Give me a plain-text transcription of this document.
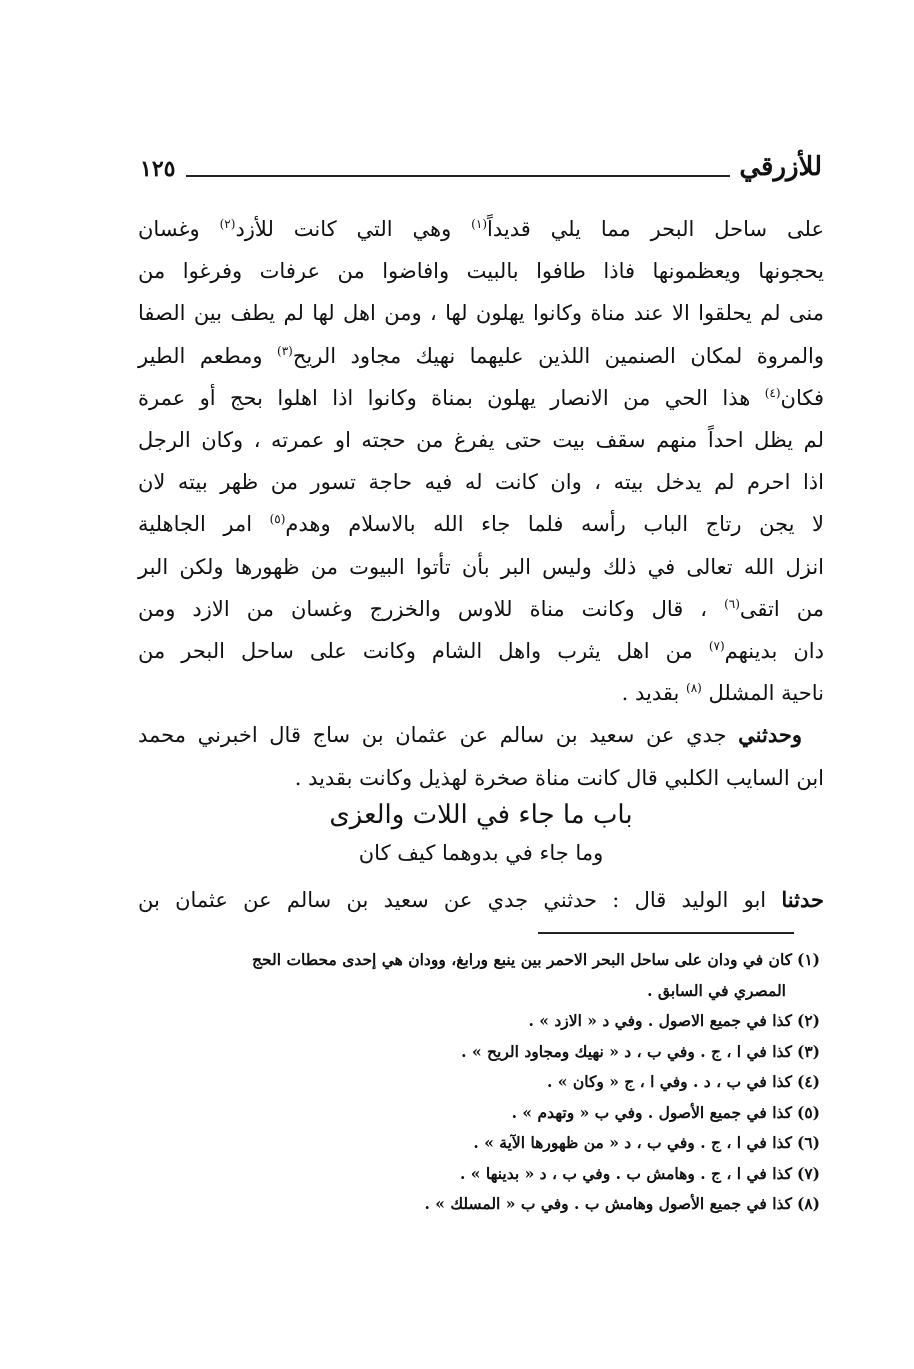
١٢٥	للأزرقي

على ساحل البحر مما يلي قديداً$^{(١)}$ وهي التي كانت للأزد$^{(٢)}$ وغسان

يحجونها ويعظمونها فاذا طافوا بالبيت وافاضوا من عرفات وفرغوا من

منى لم يحلقوا الا عند مناة وكانوا يهلون لها ، ومن اهل لها لم يطف بين الصفا

والمروة لمكان الصنمين اللذين عليهما نهيك مجاود الريح$^{(٣)}$ ومطعم الطير

فكان$^{(٤)}$ هذا الحي من الانصار يهلون بمناة وكانوا اذا اهلوا بحج أو عمرة

لم يظل احداً منهم سقف بيت حتى يفرغ من حجته او عمرته ، وكان الرجل

اذا احرم لم يدخل بيته ، وان كانت له فيه حاجة تسور من ظهر بيته لان

لا يجن رتاج الباب رأسه فلما جاء الله بالاسلام وهدم$^{(٥)}$ امر الجاهلية

انزل الله تعالى في ذلك وليس البر بأن تأتوا البيوت من ظهورها ولكن البر

من اتقى$^{(٦)}$ ، قال وكانت مناة للاوس والخزرج وغسان من الازد ومن

دان بدينهم$^{(٧)}$ من اهل يثرب واهل الشام وكانت على ساحل البحر من

ناحية المشلل $^{(٨)}$ بقديد .

وحدثني جدي عن سعيد بن سالم عن عثمان بن ساج قال اخبرني محمد

ابن السايب الكلبي قال كانت مناة صخرة لهذيل وكانت بقديد .

باب ما جاء في اللات والعزى
وما جاء في بدوهما كيف كان
حدثنا ابو الوليد قال : حدثني جدي عن سعيد بن سالم عن عثمان بن

(١) كان في ودان على ساحل البحر الاحمر بين ينبع ورابغ، وودان هي إحدى محطات الحج

المصري في السابق .

(٢) كذا في جميع الاصول . وفي د « الازد » .

(٣) كذا في ا ، ج . وفي ب ، د « نهيك ومجاود الريح » .

(٤) كذا في ب ، د . وفي ا ، ج « وكان » .

(٥) كذا في جميع الأصول . وفي ب « وتهدم » .

(٦) كذا في ا ، ج . وفي ب ، د « من ظهورها الآية » .

(٧) كذا في ا ، ج . وهامش ب . وفي ب ، د « بدينها » .

(٨) كذا في جميع الأصول وهامش ب . وفي ب « المسلك » .
